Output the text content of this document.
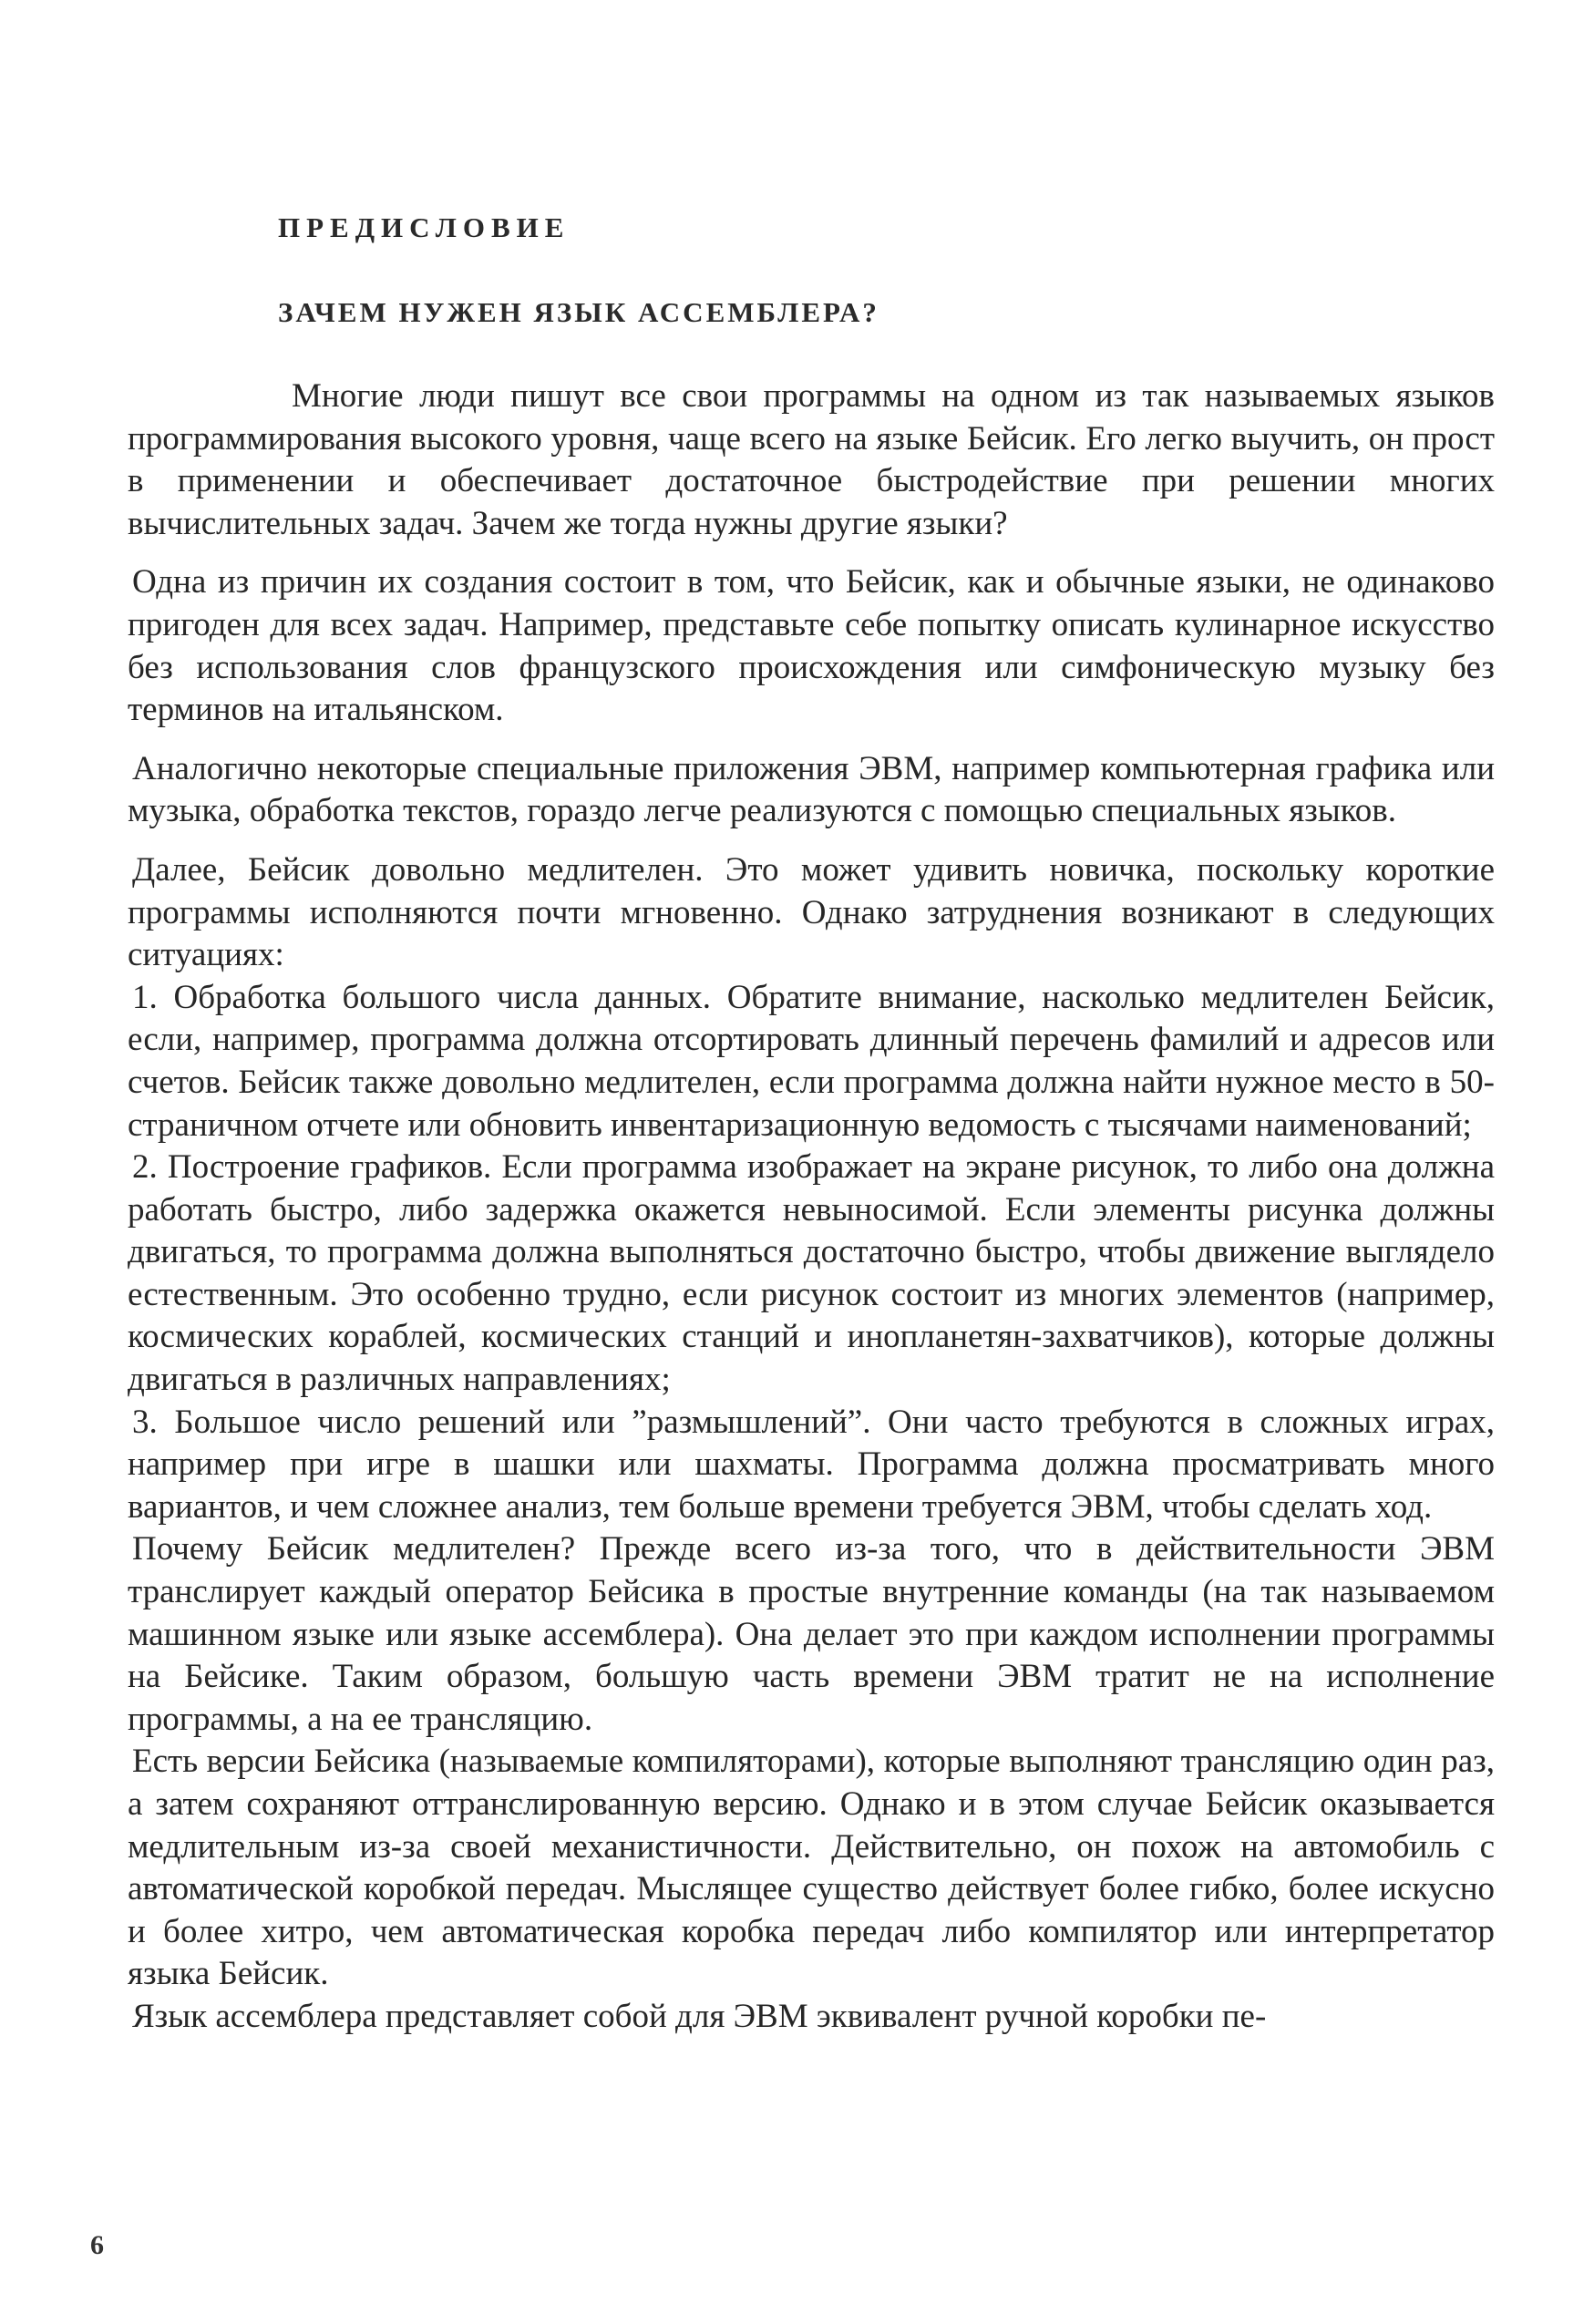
ПРЕДИСЛОВИЕ
ЗАЧЕМ НУЖЕН ЯЗЫК АССЕМБЛЕРА?

Многие люди пишут все свои программы на одном из так называемых языков программирования высокого уровня, чаще всего на языке Бейсик. Его легко выучить, он прост в применении и обеспечивает достаточное быстродействие при решении многих вычислительных задач. Зачем же тогда нужны другие языки?

Одна из причин их создания состоит в том, что Бейсик, как и обычные языки, не одинаково пригоден для всех задач. Например, представьте себе попытку описать кулинарное искусство без использования слов французского происхождения или симфоническую музыку без терминов на итальянском.

Аналогично некоторые специальные приложения ЭВМ, например компьютерная графика или музыка, обработка текстов, гораздо легче реализуются с помощью специальных языков.

Далее, Бейсик довольно медлителен. Это может удивить новичка, поскольку короткие программы исполняются почти мгновенно. Однако затруднения возникают в следующих ситуациях:

1. Обработка большого числа данных. Обратите внимание, насколько медлителен Бейсик, если, например, программа должна отсортировать длинный перечень фамилий и адресов или счетов. Бейсик также довольно медлителен, если программа должна найти нужное место в 50-страничном отчете или обновить инвентаризационную ведомость с тысячами наименований;

2. Построение графиков. Если программа изображает на экране рисунок, то либо она должна работать быстро, либо задержка окажется невыносимой. Если элементы рисунка должны двигаться, то программа должна выполняться достаточно быстро, чтобы движение выглядело естественным. Это особенно трудно, если рисунок состоит из многих элементов (например, космических кораблей, космических станций и инопланетян-захватчиков), которые должны двигаться в различных направлениях;

3. Большое число решений или ”размышлений”. Они часто требуются в сложных играх, например при игре в шашки или шахматы. Программа должна просматривать много вариантов, и чем сложнее анализ, тем больше времени требуется ЭВМ, чтобы сделать ход.

Почему Бейсик медлителен? Прежде всего из-за того, что в действительности ЭВМ транслирует каждый оператор Бейсика в простые внутренние команды (на так называемом машинном языке или языке ассемблера). Она делает это при каждом исполнении программы на Бейсике. Таким образом, большую часть времени ЭВМ тратит не на исполнение программы, а на ее трансляцию.

Есть версии Бейсика (называемые компиляторами), которые выполняют трансляцию один раз, а затем сохраняют оттранслированную версию. Однако и в этом случае Бейсик оказывается медлительным из-за своей механистичности. Действительно, он похож на автомобиль с автоматической коробкой передач. Мыслящее существо действует более гибко, более искусно и более хитро, чем автоматическая коробка передач либо компилятор или интерпретатор языка Бейсик.

Язык ассемблера представляет собой для ЭВМ эквивалент ручной коробки пе-

6
